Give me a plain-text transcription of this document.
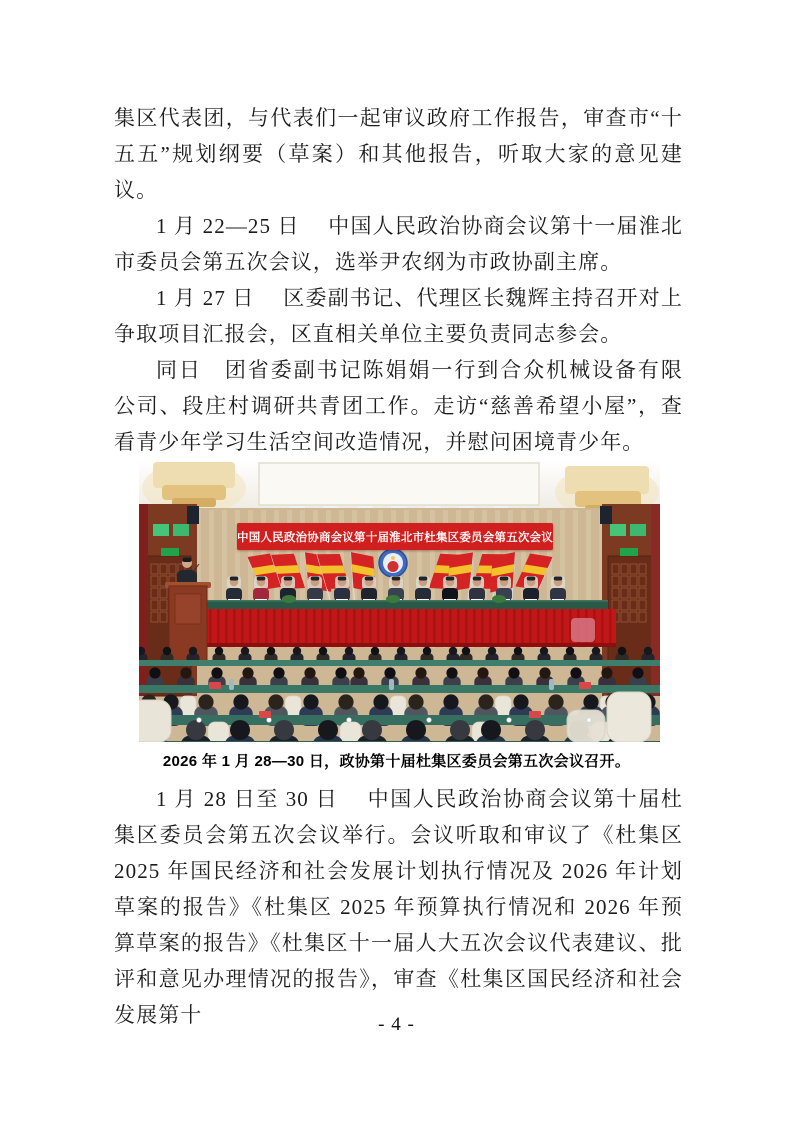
集区代表团，与代表们一起审议政府工作报告，审查市“十五五”规划纲要（草案）和其他报告，听取大家的意见建议。

1 月 22—25 日　 中国人民政治协商会议第十一届淮北市委员会第五次会议，选举尹农纲为市政协副主席。

1 月 27 日　 区委副书记、代理区长魏辉主持召开对上争取项目汇报会，区直相关单位主要负责同志参会。

同日　团省委副书记陈娟娟一行到合众机械设备有限公司、段庄村调研共青团工作。走访“慈善希望小屋”，查看青少年学习生活空间改造情况，并慰问困境青少年。

中国人民政治协商会议第十届淮北市杜集区委员会第五次会议
2026 年 1 月 28—30 日，政协第十届杜集区委员会第五次会议召开。

1 月 28 日至 30 日　 中国人民政治协商会议第十届杜集区委员会第五次会议举行。会议听取和审议了《杜集区 2025 年国民经济和社会发展计划执行情况及 2026 年计划草案的报告》《杜集区 2025 年预算执行情况和 2026 年预算草案的报告》《杜集区十一届人大五次会议代表建议、批评和意见办理情况的报告》，审查《杜集区国民经济和社会发展第十	- 4 -
